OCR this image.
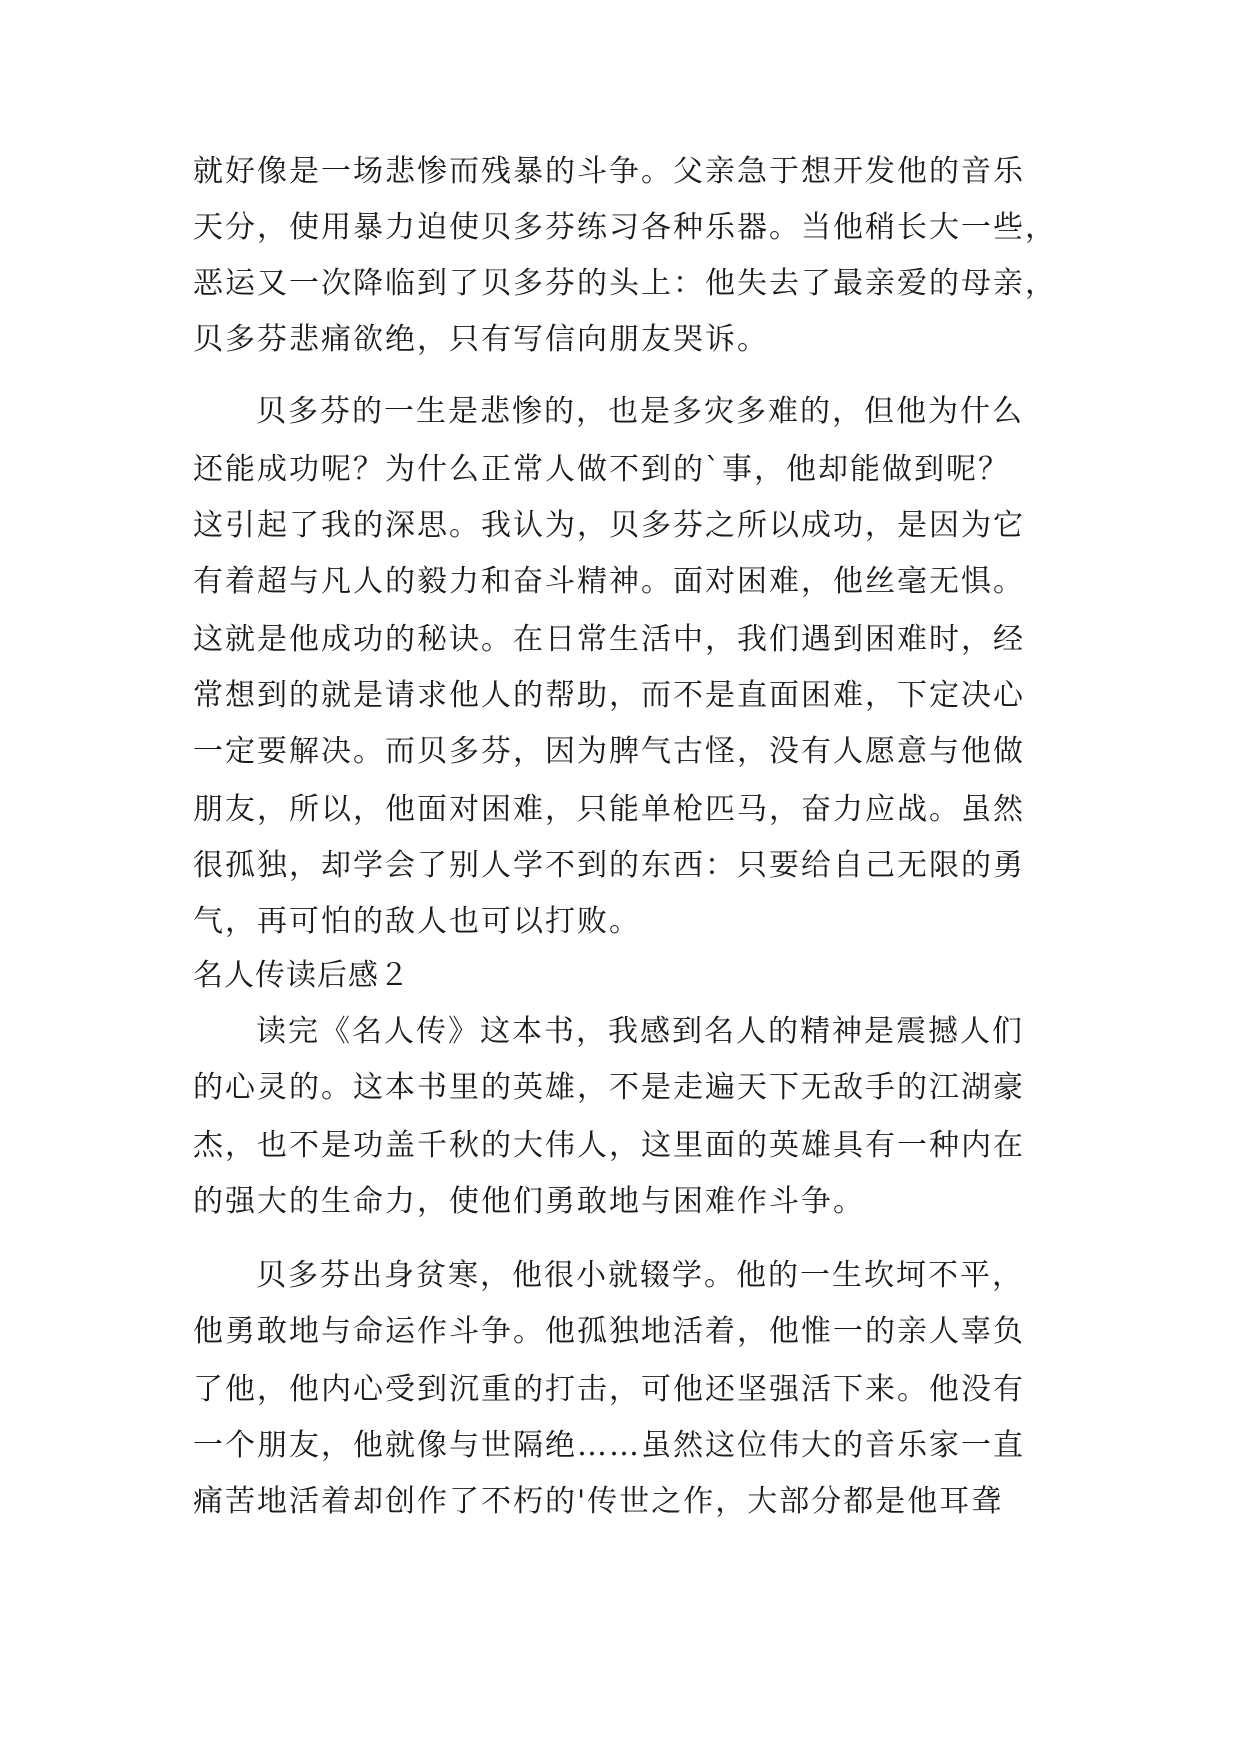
就好像是一场悲惨而残暴的斗争。父亲急于想开发他的音乐
天分，使用暴力迫使贝多芬练习各种乐器。当他稍长大一些，
恶运又一次降临到了贝多芬的头上：他失去了最亲爱的母亲，
贝多芬悲痛欲绝，只有写信向朋友哭诉。
贝多芬的一生是悲惨的，也是多灾多难的，但他为什么
还能成功呢？为什么正常人做不到的`事，他却能做到呢？
这引起了我的深思。我认为，贝多芬之所以成功，是因为它
有着超与凡人的毅力和奋斗精神。面对困难，他丝毫无惧。
这就是他成功的秘诀。在日常生活中，我们遇到困难时，经
常想到的就是请求他人的帮助，而不是直面困难，下定决心
一定要解决。而贝多芬，因为脾气古怪，没有人愿意与他做
朋友，所以，他面对困难，只能单枪匹马，奋力应战。虽然
很孤独，却学会了别人学不到的东西：只要给自己无限的勇
气，再可怕的敌人也可以打败。
名人传读后感２
读完《名人传》这本书，我感到名人的精神是震撼人们
的心灵的。这本书里的英雄，不是走遍天下无敌手的江湖豪
杰，也不是功盖千秋的大伟人，这里面的英雄具有一种内在
的强大的生命力，使他们勇敢地与困难作斗争。
贝多芬出身贫寒，他很小就辍学。他的一生坎坷不平，
他勇敢地与命运作斗争。他孤独地活着，他惟一的亲人辜负
了他，他内心受到沉重的打击，可他还坚强活下来。他没有
一个朋友，他就像与世隔绝……虽然这位伟大的音乐家一直
痛苦地活着却创作了不朽的'传世之作，大部分都是他耳聋
